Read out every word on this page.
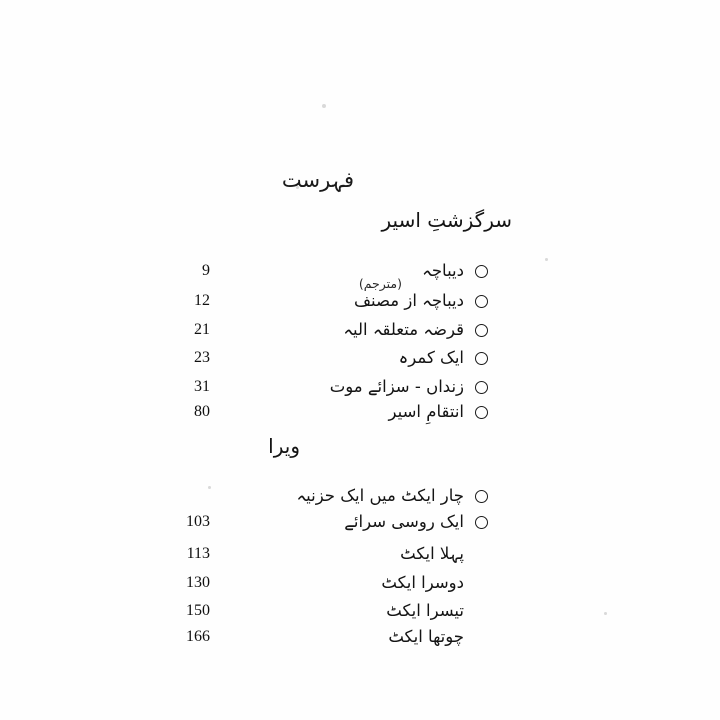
فہرست
سرگزشتِ اسیر
دیباچہ
9
(مترجم)
دیباچہ از مصنف
12
قرضہ متعلقہ الیہ
21
ایک کمرہ
23
زنداں - سزائے موت
31
انتقامِ اسیر
80
ویرا
چار ایکٹ میں ایک حزنیہ
ایک روسی سرائے
103
پہلا ایکٹ
113
دوسرا ایکٹ
130
تیسرا ایکٹ
150
چوتھا ایکٹ
166
